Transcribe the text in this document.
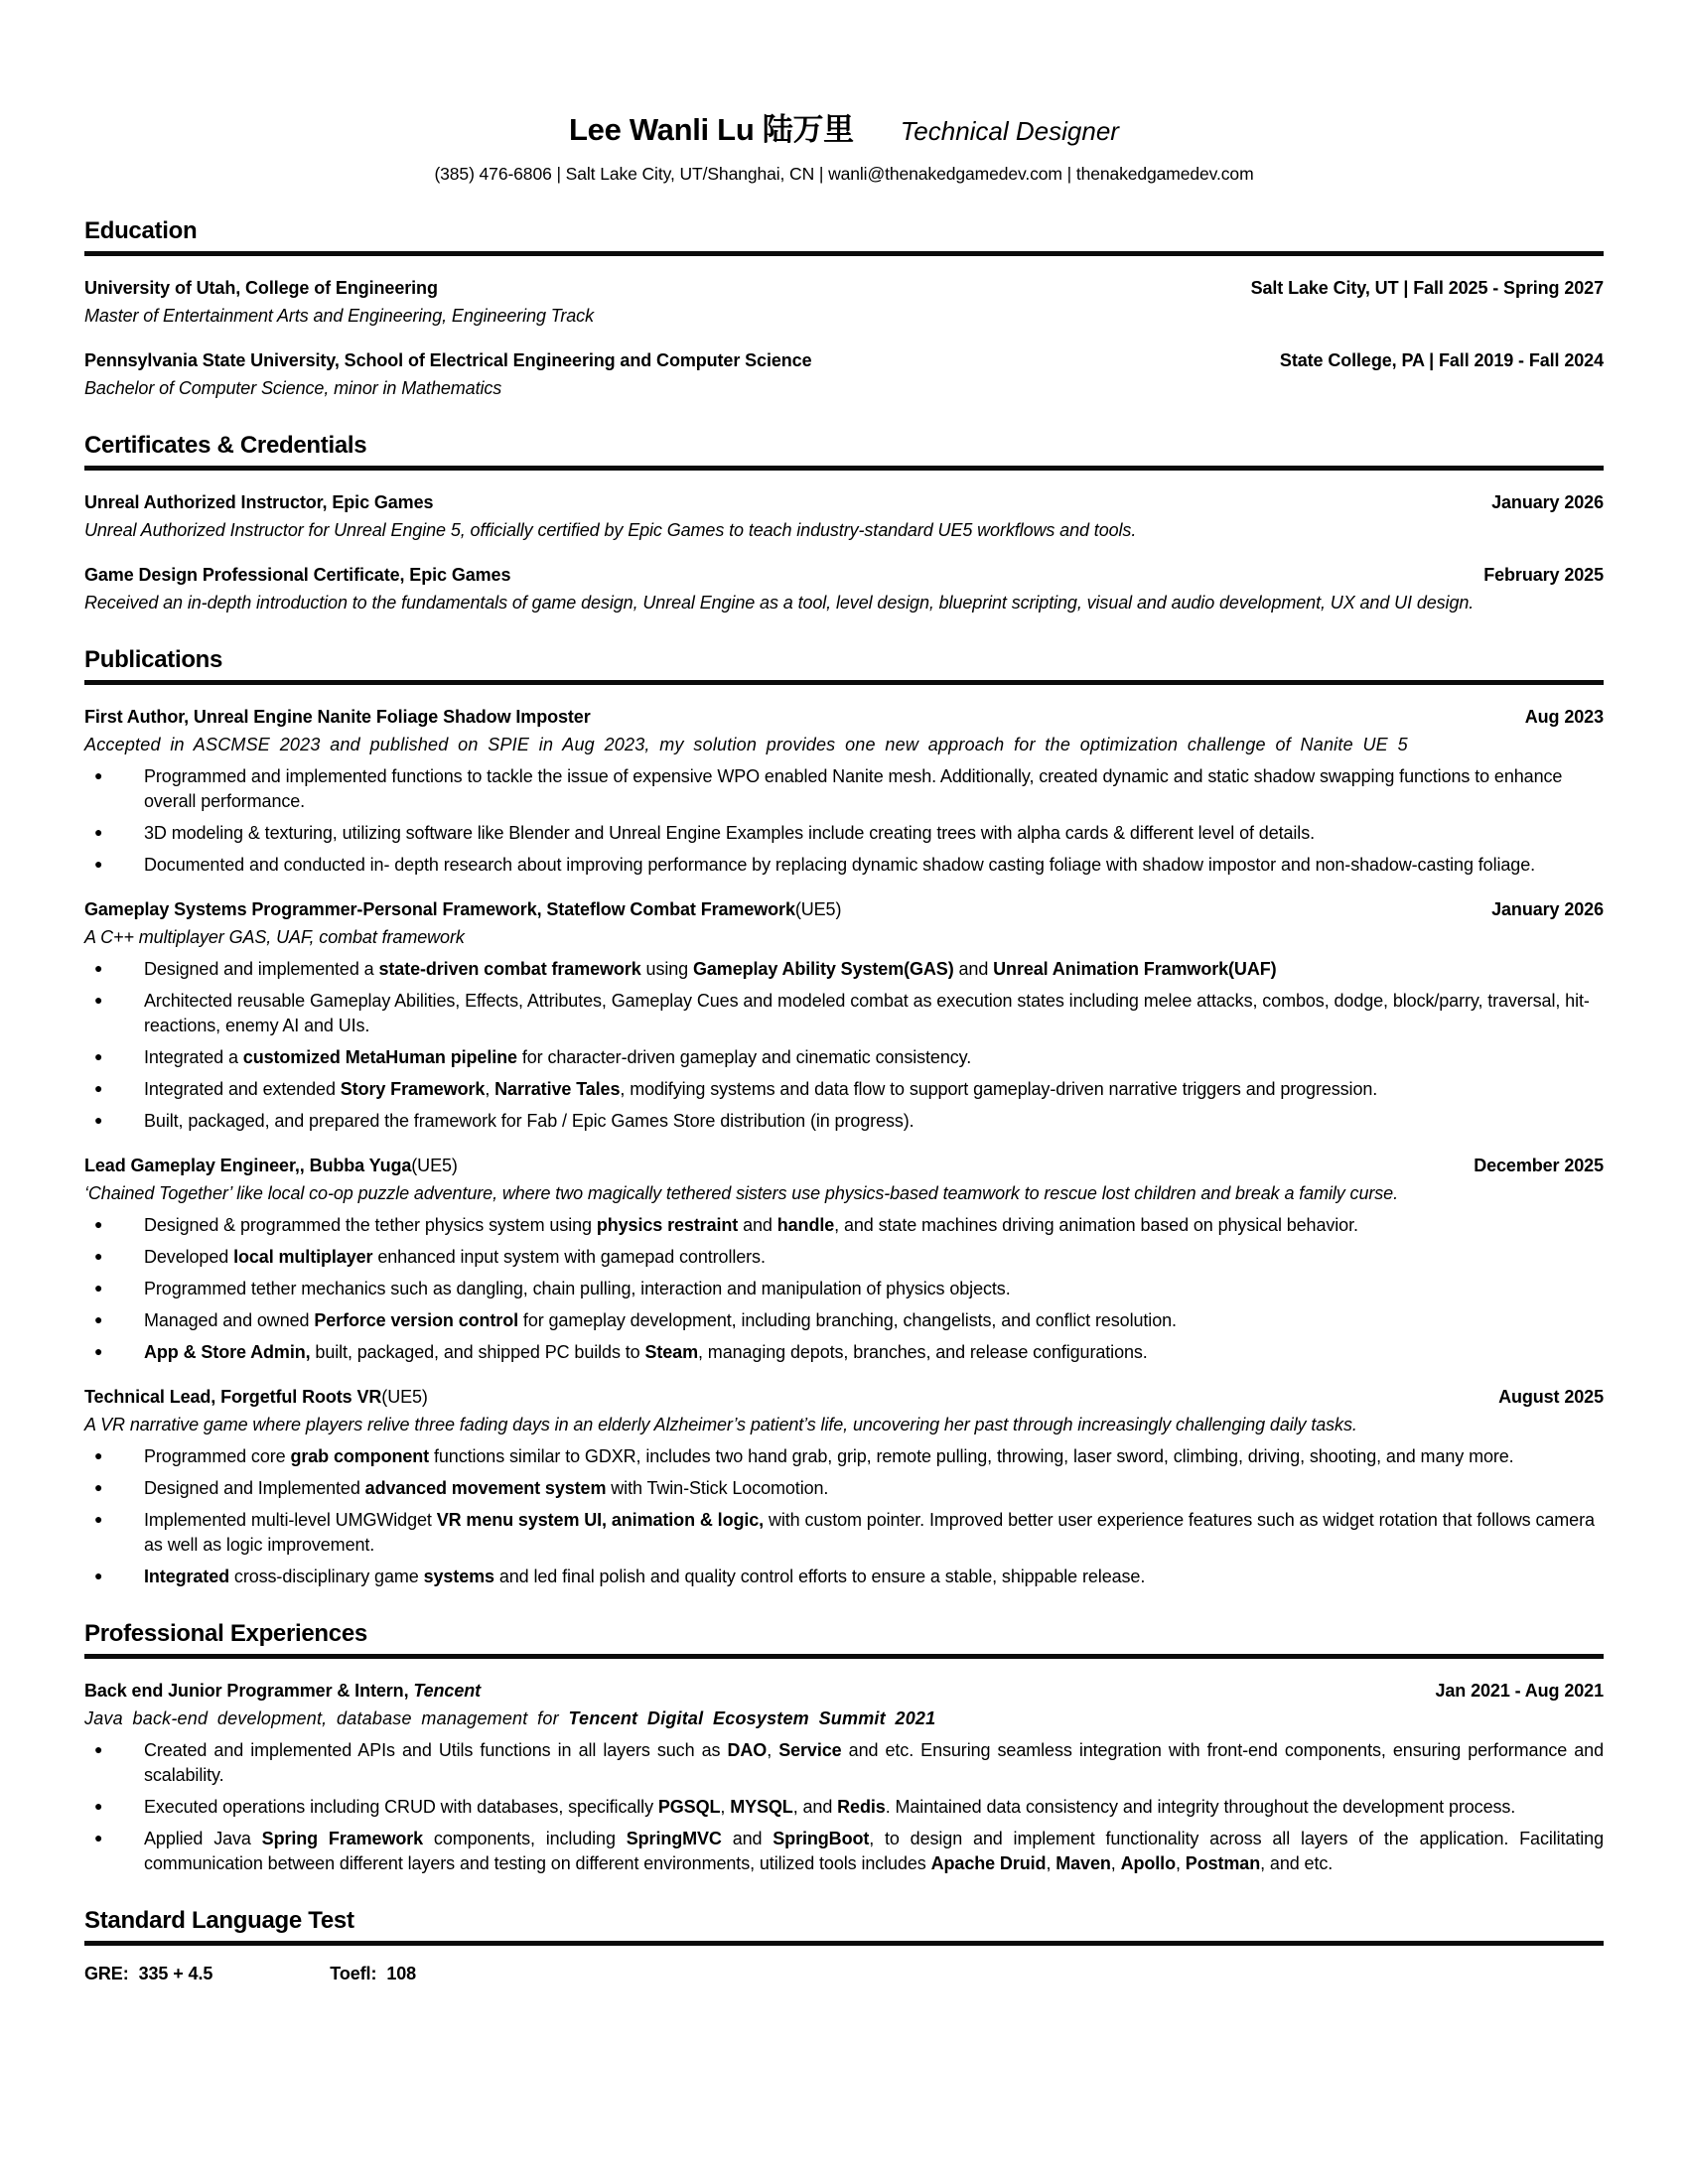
Lee Wanli Lu 陆万里 Technical Designer
(385) 476-6806 | Salt Lake City, UT/Shanghai, CN | wanli@thenakedgamedev.com | thenakedgamedev.com
Education
University of Utah, College of Engineering	Salt Lake City, UT | Fall 2025 - Spring 2027
Master of Entertainment Arts and Engineering, Engineering Track
Pennsylvania State University, School of Electrical Engineering and Computer Science	State College, PA | Fall 2019 - Fall 2024
Bachelor of Computer Science, minor in Mathematics
Certificates & Credentials
Unreal Authorized Instructor, Epic Games	January 2026
Unreal Authorized Instructor for Unreal Engine 5, officially certified by Epic Games to teach industry-standard UE5 workflows and tools.
Game Design Professional Certificate, Epic Games	February 2025
Received an in-depth introduction to the fundamentals of game design, Unreal Engine as a tool, level design, blueprint scripting, visual and audio development, UX and UI design.
Publications
First Author, Unreal Engine Nanite Foliage Shadow Imposter	Aug 2023
Accepted in ASCMSE 2023 and published on SPIE in Aug 2023, my solution provides one new approach for the optimization challenge of Nanite UE 5
● Programmed and implemented functions to tackle the issue of expensive WPO enabled Nanite mesh. Additionally, created dynamic and static shadow swapping functions to enhance overall performance.
● 3D modeling & texturing, utilizing software like Blender and Unreal Engine Examples include creating trees with alpha cards & different level of details.
● Documented and conducted in- depth research about improving performance by replacing dynamic shadow casting foliage with shadow impostor and non-shadow-casting foliage.
Gameplay Systems Programmer-Personal Framework, Stateflow Combat Framework(UE5)	January 2026
A C++ multiplayer GAS, UAF, combat framework
● Designed and implemented a state-driven combat framework using Gameplay Ability System(GAS) and Unreal Animation Framwork(UAF)
● Architected reusable Gameplay Abilities, Effects, Attributes, Gameplay Cues and modeled combat as execution states including melee attacks, combos, dodge, block/parry, traversal, hit-reactions, enemy AI and UIs.
● Integrated a customized MetaHuman pipeline for character-driven gameplay and cinematic consistency.
● Integrated and extended Story Framework, Narrative Tales, modifying systems and data flow to support gameplay-driven narrative triggers and progression.
● Built, packaged, and prepared the framework for Fab / Epic Games Store distribution (in progress).
Lead Gameplay Engineer,, Bubba Yuga(UE5)	December 2025
‘Chained Together’ like local co-op puzzle adventure, where two magically tethered sisters use physics-based teamwork to rescue lost children and break a family curse.
● Designed & programmed the tether physics system using physics restraint and handle, and state machines driving animation based on physical behavior.
● Developed local multiplayer enhanced input system with gamepad controllers.
● Programmed tether mechanics such as dangling, chain pulling, interaction and manipulation of physics objects.
● Managed and owned Perforce version control for gameplay development, including branching, changelists, and conflict resolution.
● App & Store Admin, built, packaged, and shipped PC builds to Steam, managing depots, branches, and release configurations.
Technical Lead, Forgetful Roots VR(UE5)	August 2025
A VR narrative game where players relive three fading days in an elderly Alzheimer’s patient’s life, uncovering her past through increasingly challenging daily tasks.
● Programmed core grab component functions similar to GDXR, includes two hand grab, grip, remote pulling, throwing, laser sword, climbing, driving, shooting, and many more.
● Designed and Implemented advanced movement system with Twin-Stick Locomotion.
● Implemented multi-level UMGWidget VR menu system UI, animation & logic, with custom pointer. Improved better user experience features such as widget rotation that follows camera as well as logic improvement.
● Integrated cross-disciplinary game systems and led final polish and quality control efforts to ensure a stable, shippable release.
Professional Experiences
Back end Junior Programmer & Intern, Tencent	Jan 2021 - Aug 2021
Java back-end development, database management for Tencent Digital Ecosystem Summit 2021
● Created and implemented APIs and Utils functions in all layers such as DAO, Service and etc. Ensuring seamless integration with front-end components, ensuring performance and scalability.
● Executed operations including CRUD with databases, specifically PGSQL, MYSQL, and Redis. Maintained data consistency and integrity throughout the development process.
● Applied Java Spring Framework components, including SpringMVC and SpringBoot, to design and implement functionality across all layers of the application. Facilitating communication between different layers and testing on different environments, utilized tools includes Apache Druid, Maven, Apollo, Postman, and etc.
Standard Language Test
GRE: 335 + 4.5	Toefl: 108
